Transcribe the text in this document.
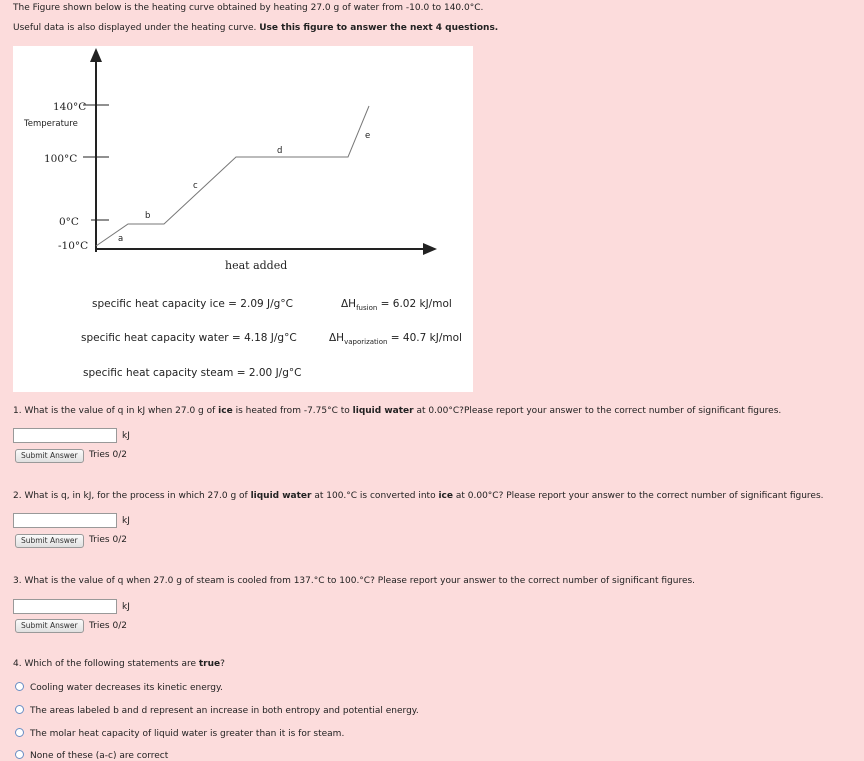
The Figure shown below is the heating curve obtained by heating 27.0 g of water from -10.0 to 140.0°C.
Useful data is also displayed under the heating curve. Use this figure to answer the next 4 questions.
140°C
100°C
0°C
-10°C
Temperature
heat added
a
b
c
d
e
specific heat capacity ice = 2.09 J/g°C
specific heat capacity water = 4.18 J/g°C
specific heat capacity steam = 2.00 J/g°C
$\Delta H_{fusion} = 6.02$ kJ/mol
$\Delta H_{vaporization} = 40.7$ kJ/mol
1. What is the value of q in kJ when 27.0 g of ice is heated from -7.75°C to liquid water at 0.00°C?Please report your answer to the correct number of significant figures.
kJ
Submit Answer	Tries 0/2
2. What is q, in kJ, for the process in which 27.0 g of liquid water at 100.°C is converted into ice at 0.00°C? Please report your answer to the correct number of significant figures.
kJ
Submit Answer	Tries 0/2
3. What is the value of q when 27.0 g of steam is cooled from 137.°C to 100.°C? Please report your answer to the correct number of significant figures.
kJ
Submit Answer	Tries 0/2
4. Which of the following statements are true?
Cooling water decreases its kinetic energy.
The areas labeled b and d represent an increase in both entropy and potential energy.
The molar heat capacity of liquid water is greater than it is for steam.
None of these (a-c) are correct
